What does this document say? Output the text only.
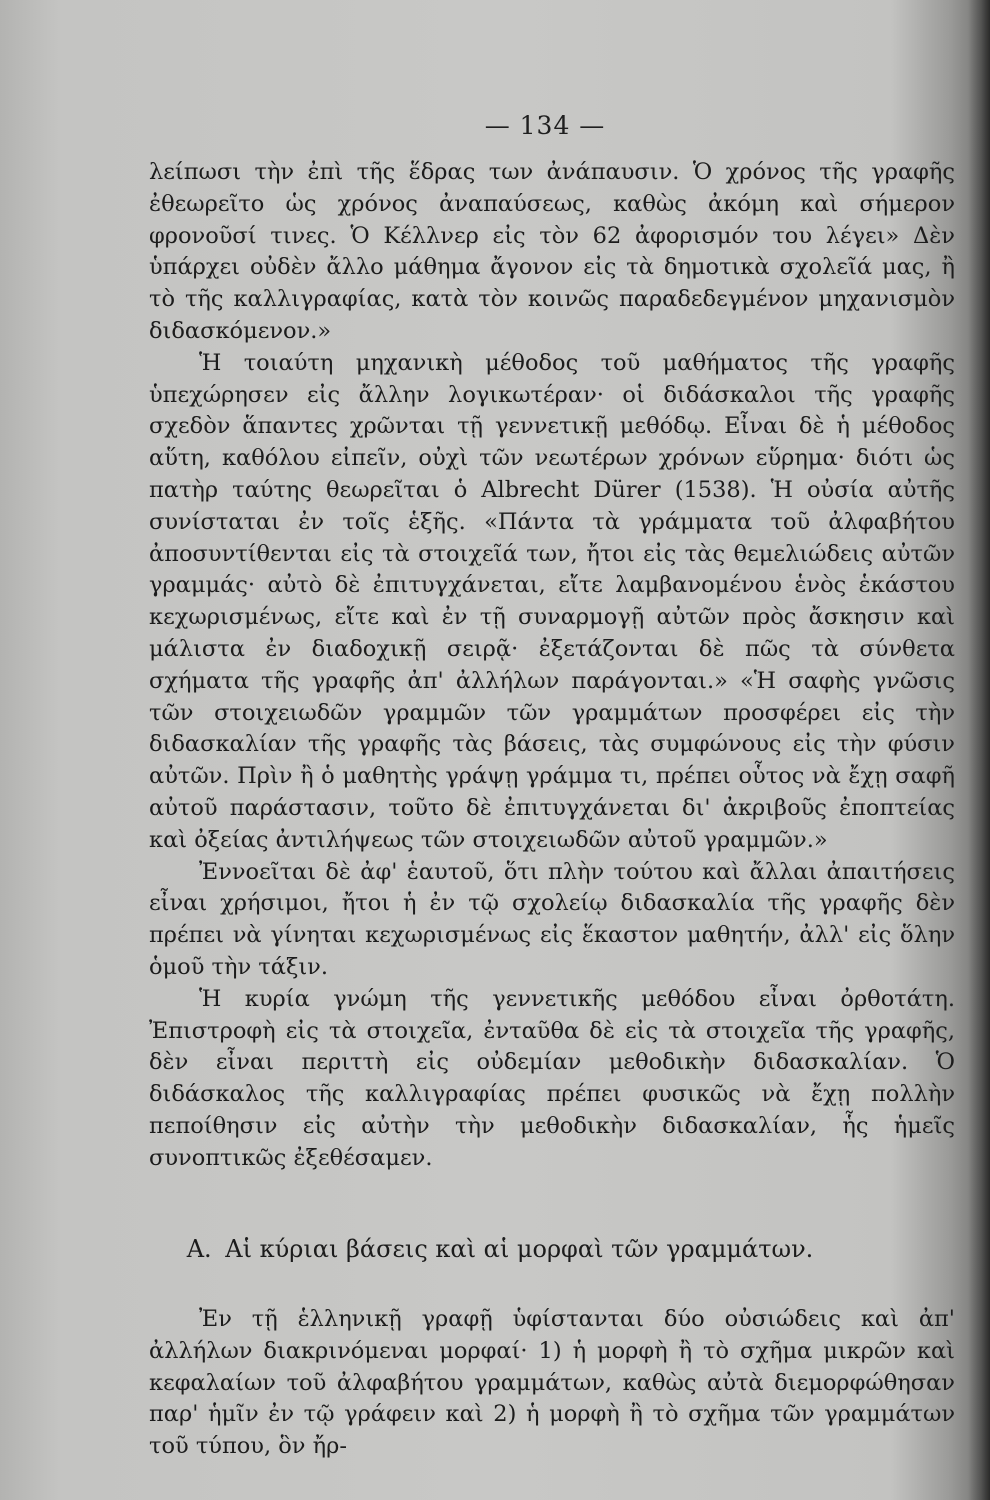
— 134 —

λείπωσι τὴν ἐπὶ τῆς ἕδρας των ἀνάπαυσιν. Ὁ χρόνος τῆς γραφῆς ἐθεωρεῖτο ὡς χρόνος ἀναπαύσεως, καθὼς ἀκόμη καὶ σήμερον φρονοῦσί τινες. Ὁ Κέλλνερ εἰς τὸν 62 ἀφορισμόν του λέγει» Δὲν ὑπάρχει οὐδὲν ἄλλο μάθημα ἄγονον εἰς τὰ δημοτικὰ σχολεῖά μας, ἢ τὸ τῆς καλλιγραφίας, κατὰ τὸν κοινῶς παραδεδεγμένον μηχανισμὸν διδασκόμενον.»

Ἡ τοιαύτη μηχανικὴ μέθοδος τοῦ μαθήματος τῆς γραφῆς ὑπεχώρησεν εἰς ἄλλην λογικωτέραν· οἱ διδάσκαλοι τῆς γραφῆς σχεδὸν ἅπαντες χρῶνται τῇ γεννετικῇ μεθόδῳ. Εἶναι δὲ ἡ μέθοδος αὕτη, καθόλου εἰπεῖν, οὐχὶ τῶν νεωτέρων χρόνων εὕρημα· διότι ὡς πατὴρ ταύτης θεωρεῖται ὁ Albrecht Dürer (1538). Ἡ οὐσία αὐτῆς συνίσταται ἐν τοῖς ἑξῆς. «Πάντα τὰ γράμματα τοῦ ἀλφαβήτου ἀποσυντίθενται εἰς τὰ στοιχεῖά των, ἤτοι εἰς τὰς θεμελιώδεις αὐτῶν γραμμάς· αὐτὸ δὲ ἐπιτυγχάνεται, εἴτε λαμβανομένου ἑνὸς ἑκάστου κεχωρισμένως, εἴτε καὶ ἐν τῇ συναρμογῇ αὐτῶν πρὸς ἄσκησιν καὶ μάλιστα ἐν διαδοχικῇ σειρᾷ· ἐξετάζονται δὲ πῶς τὰ σύνθετα σχήματα τῆς γραφῆς ἀπ' ἀλλήλων παράγονται.» «Ἡ σαφὴς γνῶσις τῶν στοιχειωδῶν γραμμῶν τῶν γραμμάτων προσφέρει εἰς τὴν διδασκαλίαν τῆς γραφῆς τὰς βάσεις, τὰς συμφώνους εἰς τὴν φύσιν αὐτῶν. Πρὶν ἢ ὁ μαθητὴς γράψῃ γράμμα τι, πρέπει οὗτος νὰ ἔχῃ σαφῆ αὐτοῦ παράστασιν, τοῦτο δὲ ἐπιτυγχάνεται δι' ἀκριβοῦς ἐποπτείας καὶ ὀξείας ἀντιλήψεως τῶν στοιχειωδῶν αὐτοῦ γραμμῶν.»

Ἐννοεῖται δὲ ἀφ' ἑαυτοῦ, ὅτι πλὴν τούτου καὶ ἄλλαι ἀπαιτήσεις εἶναι χρήσιμοι, ἤτοι ἡ ἐν τῷ σχολείῳ διδασκαλία τῆς γραφῆς δὲν πρέπει νὰ γίνηται κεχωρισμένως εἰς ἕκαστον μαθητήν, ἀλλ' εἰς ὅλην ὁμοῦ τὴν τάξιν.

Ἡ κυρία γνώμη τῆς γεννετικῆς μεθόδου εἶναι ὀρθοτάτη. Ἐπιστροφὴ εἰς τὰ στοιχεῖα, ἐνταῦθα δὲ εἰς τὰ στοιχεῖα τῆς γραφῆς, δὲν εἶναι περιττὴ εἰς οὐδεμίαν μεθοδικὴν διδασκαλίαν. Ὁ διδάσκαλος τῆς καλλιγραφίας πρέπει φυσικῶς νὰ ἔχῃ πολλὴν πεποίθησιν εἰς αὐτὴν τὴν μεθοδικὴν διδασκαλίαν, ἧς ἡμεῖς συνοπτικῶς ἐξεθέσαμεν.

Α. Αἱ κύριαι βάσεις καὶ αἱ μορφαὶ τῶν γραμμάτων.

Ἐν τῇ ἑλληνικῇ γραφῇ ὑφίστανται δύο οὐσιώδεις καὶ ἀπ' ἀλλήλων διακρινόμεναι μορφαί· 1) ἡ μορφὴ ἢ τὸ σχῆμα μικρῶν καὶ κεφαλαίων τοῦ ἀλφαβήτου γραμμάτων, καθὼς αὐτὰ διεμορφώθησαν παρ' ἡμῖν ἐν τῷ γράφειν καὶ 2) ἡ μορφὴ ἢ τὸ σχῆμα τῶν γραμμάτων τοῦ τύπου, ὃν ἤρ-
